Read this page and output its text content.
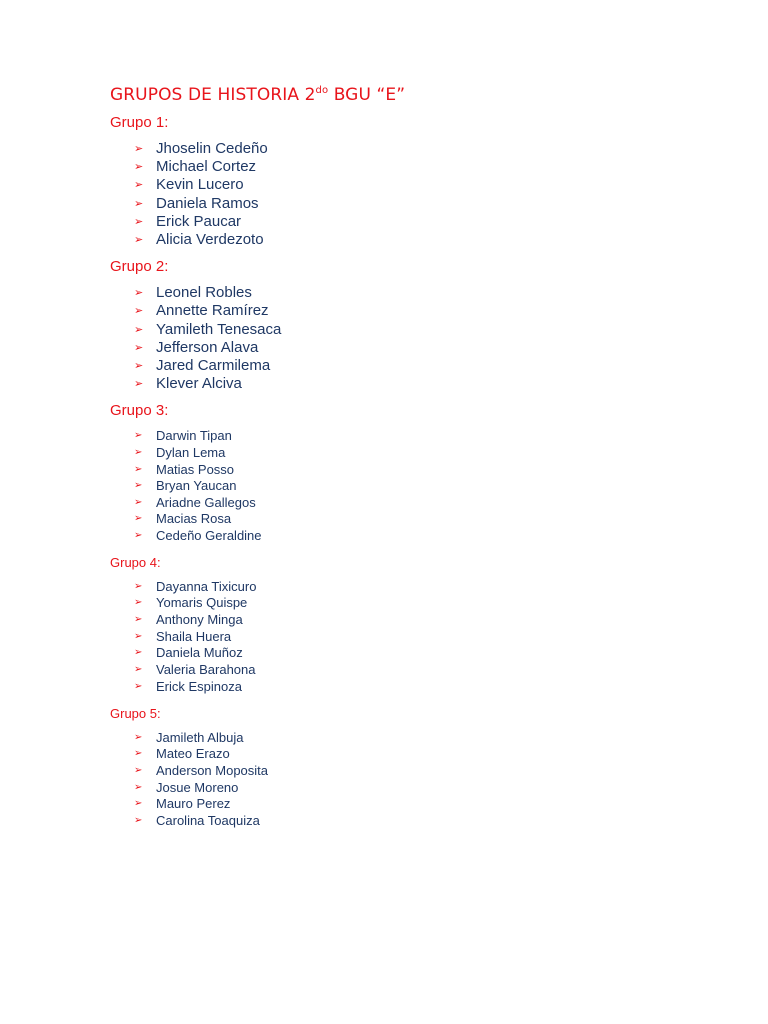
GRUPOS DE HISTORIA $2^{do}$ BGU “E”
Grupo 1:
➢ Jhoselin Cedeño
➢ Michael Cortez
➢ Kevin Lucero
➢ Daniela Ramos
➢ Erick Paucar
➢ Alicia Verdezoto
Grupo 2:
➢ Leonel Robles
➢ Annette Ramírez
➢ Yamileth Tenesaca
➢ Jefferson Alava
➢ Jared Carmilema
➢ Klever Alciva
Grupo 3:
➢ Darwin Tipan
➢ Dylan Lema
➢ Matias Posso
➢ Bryan Yaucan
➢ Ariadne Gallegos
➢ Macias Rosa
➢ Cedeño Geraldine
Grupo 4:
➢ Dayanna Tixicuro
➢ Yomaris Quispe
➢ Anthony Minga
➢ Shaila Huera
➢ Daniela Muñoz
➢ Valeria Barahona
➢ Erick Espinoza
Grupo 5:
➢ Jamileth Albuja
➢ Mateo Erazo
➢ Anderson Moposita
➢ Josue Moreno
➢ Mauro Perez
➢ Carolina Toaquiza
